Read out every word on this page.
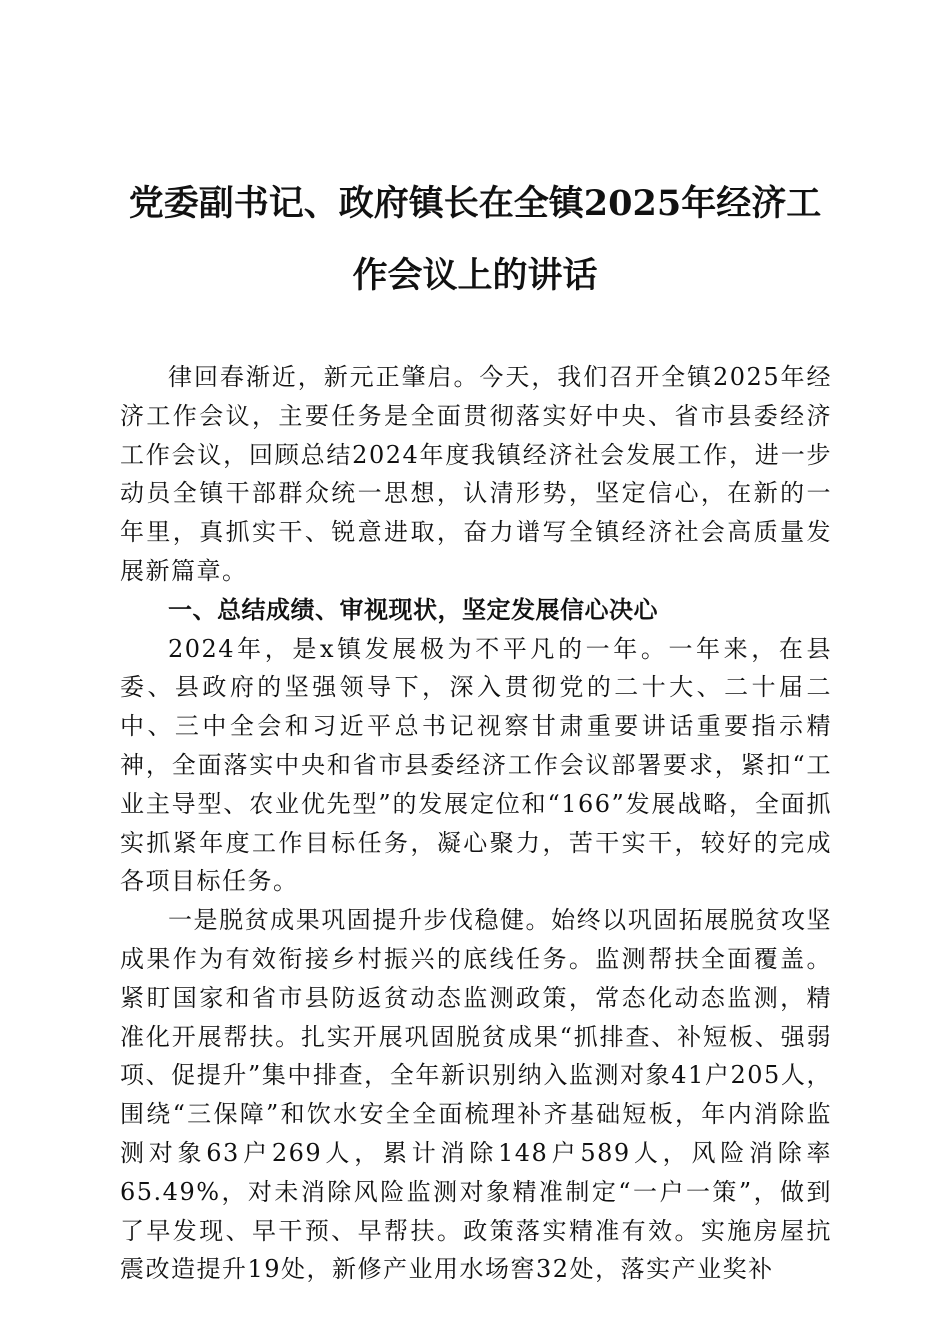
党委副书记、政府镇长在全镇2025年经济工
作会议上的讲话

律回春渐近，新元正肇启。今天，我们召开全镇2025年经济工作会议，主要任务是全面贯彻落实好中央、省市县委经济工作会议，回顾总结2024年度我镇经济社会发展工作，进一步动员全镇干部群众统一思想，认清形势，坚定信心，在新的一年里，真抓实干、锐意进取，奋力谱写全镇经济社会高质量发展新篇章。

一、总结成绩、审视现状，坚定发展信心决心

2024年，是x镇发展极为不平凡的一年。一年来，在县委、县政府的坚强领导下，深入贯彻党的二十大、二十届二中、三中全会和习近平总书记视察甘肃重要讲话重要指示精神，全面落实中央和省市县委经济工作会议部署要求，紧扣“工业主导型、农业优先型”的发展定位和“166”发展战略，全面抓实抓紧年度工作目标任务，凝心聚力，苦干实干，较好的完成各项目标任务。

一是脱贫成果巩固提升步伐稳健。始终以巩固拓展脱贫攻坚成果作为有效衔接乡村振兴的底线任务。监测帮扶全面覆盖。紧盯国家和省市县防返贫动态监测政策，常态化动态监测，精准化开展帮扶。扎实开展巩固脱贫成果“抓排查、补短板、强弱项、促提升”集中排查，全年新识别纳入监测对象41户205人，围绕“三保障”和饮水安全全面梳理补齐基础短板，年内消除监测对象63户269人，累计消除148户589人，风险消除率65.49%，对未消除风险监测对象精准制定“一户一策”，做到了早发现、早干预、早帮扶。政策落实精准有效。实施房屋抗震改造提升19处，新修产业用水场窖32处，落实产业奖补
